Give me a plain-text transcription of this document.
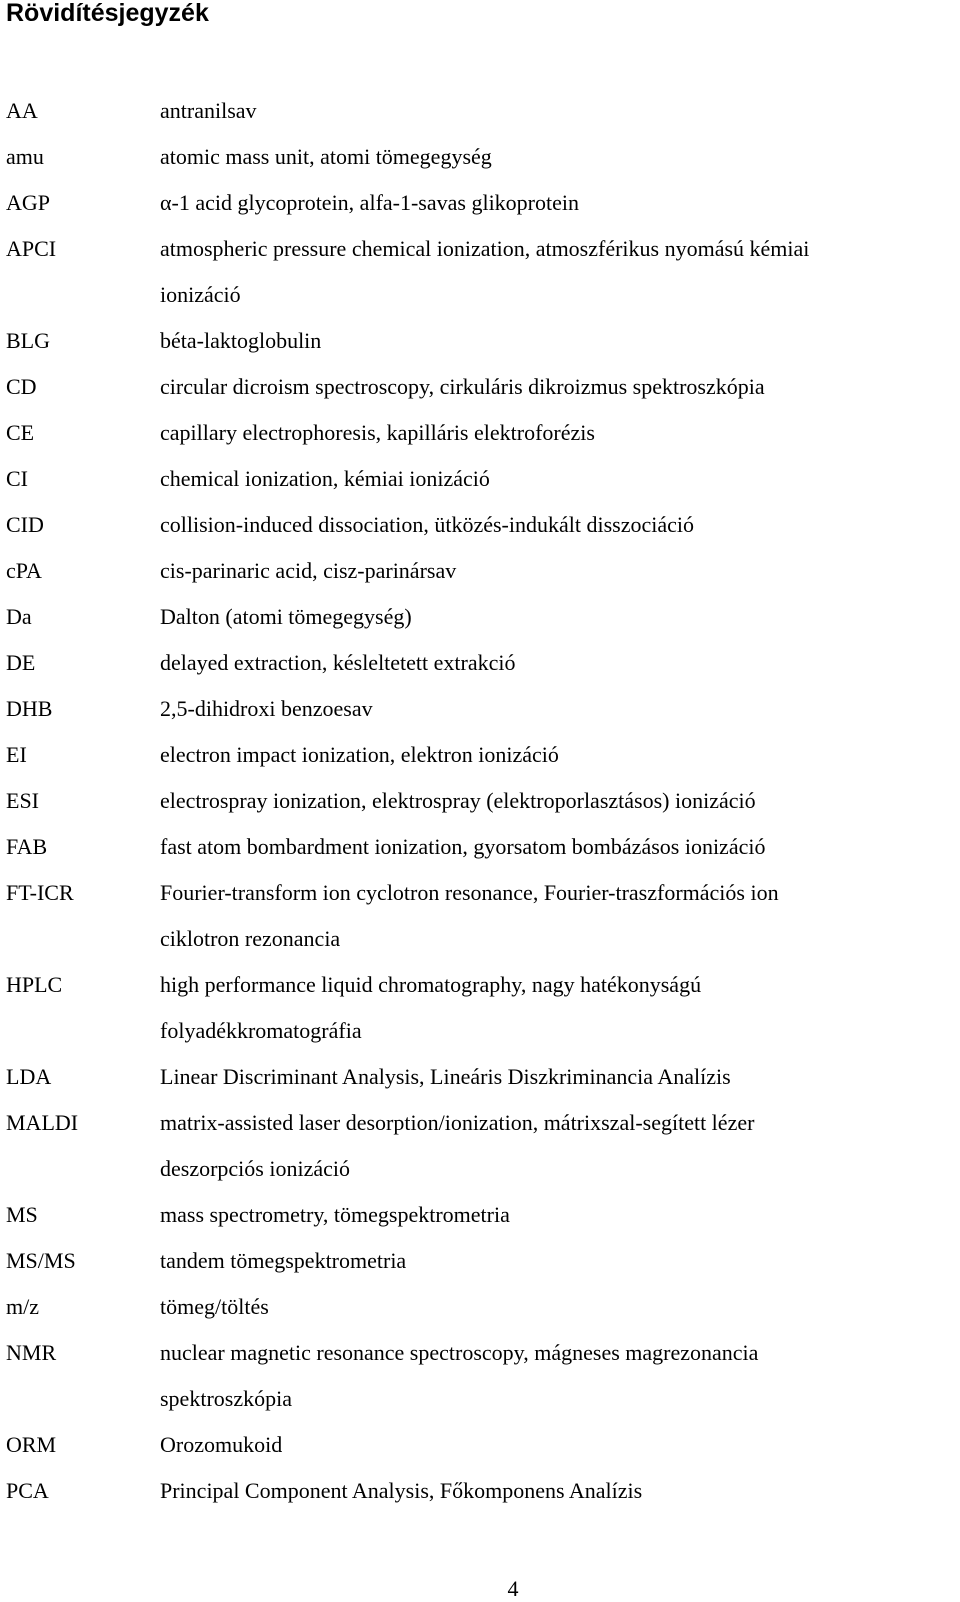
Rövidítésjegyzék
AA	antranilsav
amu	atomic mass unit, atomi tömegegység
AGP	α-1 acid glycoprotein, alfa-1-savas glikoprotein
APCI	atmospheric pressure chemical ionization, atmoszférikus nyomású kémiai
ionizáció
BLG	béta-laktoglobulin
CD	circular dicroism spectroscopy, cirkuláris dikroizmus spektroszkópia
CE	capillary electrophoresis, kapilláris elektroforézis
CI	chemical ionization, kémiai ionizáció
CID	collision-induced dissociation, ütközés-indukált disszociáció
cPA	cis-parinaric acid, cisz-parinársav
Da	Dalton (atomi tömegegység)
DE	delayed extraction, késleltetett extrakció
DHB	2,5-dihidroxi benzoesav
EI	electron impact ionization, elektron ionizáció
ESI	electrospray ionization, elektrospray (elektroporlasztásos) ionizáció
FAB	fast atom bombardment ionization, gyorsatom bombázásos ionizáció
FT-ICR	Fourier-transform ion cyclotron resonance, Fourier-traszformációs ion
ciklotron rezonancia
HPLC	high performance liquid chromatography, nagy hatékonyságú
folyadékkromatográfia
LDA	Linear Discriminant Analysis, Lineáris Diszkriminancia Analízis
MALDI	matrix-assisted laser desorption/ionization, mátrixszal-segített lézer
deszorpciós ionizáció
MS	mass spectrometry, tömegspektrometria
MS/MS	tandem tömegspektrometria
m/z	tömeg/töltés
NMR	nuclear magnetic resonance spectroscopy, mágneses magrezonancia
spektroszkópia
ORM	Orozomukoid
PCA	Principal Component Analysis, Főkomponens Analízis
4
